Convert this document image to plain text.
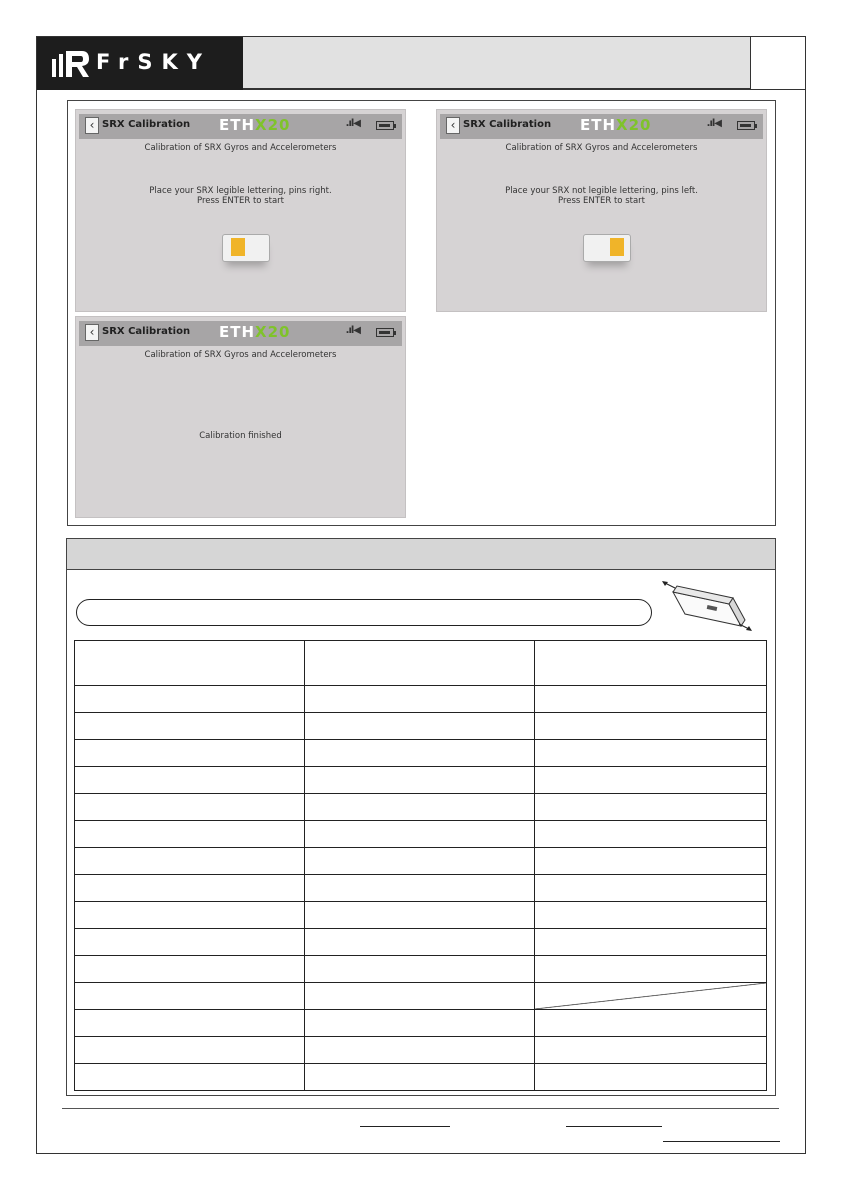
FrSKY
‹ SRX Calibration ETHX20	.ıl◀
Calibration of SRX Gyros and Accelerometers
Place your SRX legible lettering, pins right.
Press ENTER to start
‹ SRX Calibration ETHX20	.ıl◀
Calibration of SRX Gyros and Accelerometers
Place your SRX not legible lettering, pins left.
Press ENTER to start
‹ SRX Calibration ETHX20	.ıl◀
Calibration of SRX Gyros and Accelerometers
Calibration finished
